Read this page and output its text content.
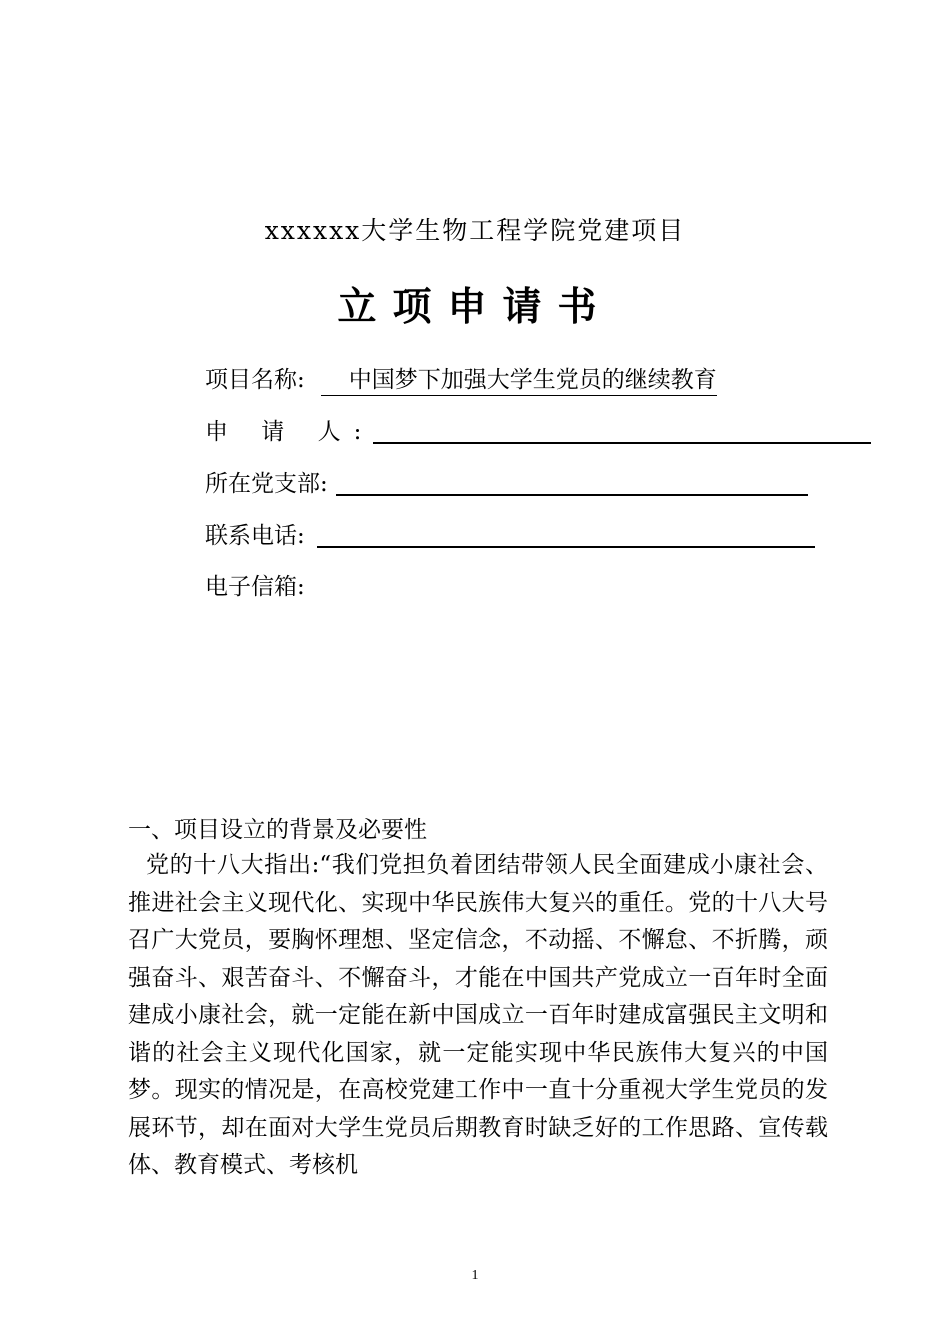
xxxxxx大学生物工程学院党建项目
立项申请书
项目名称:	中国梦下加强大学生党员的继续教育
申 请 人:
所在党支部:
联系电话:
电子信箱:
一、项目设立的背景及必要性

党的十八大指出:“我们党担负着团结带领人民全面建成小康社会、推进社会主义现代化、实现中华民族伟大复兴的重任。党的十八大号召广大党员，要胸怀理想、坚定信念，不动摇、不懈怠、不折腾，顽强奋斗、艰苦奋斗、不懈奋斗，才能在中国共产党成立一百年时全面建成小康社会，就一定能在新中国成立一百年时建成富强民主文明和谐的社会主义现代化国家，就一定能实现中华民族伟大复兴的中国梦。现实的情况是，在高校党建工作中一直十分重视大学生党员的发展环节，却在面对大学生党员后期教育时缺乏好的工作思路、宣传载体、教育模式、考核机

1
